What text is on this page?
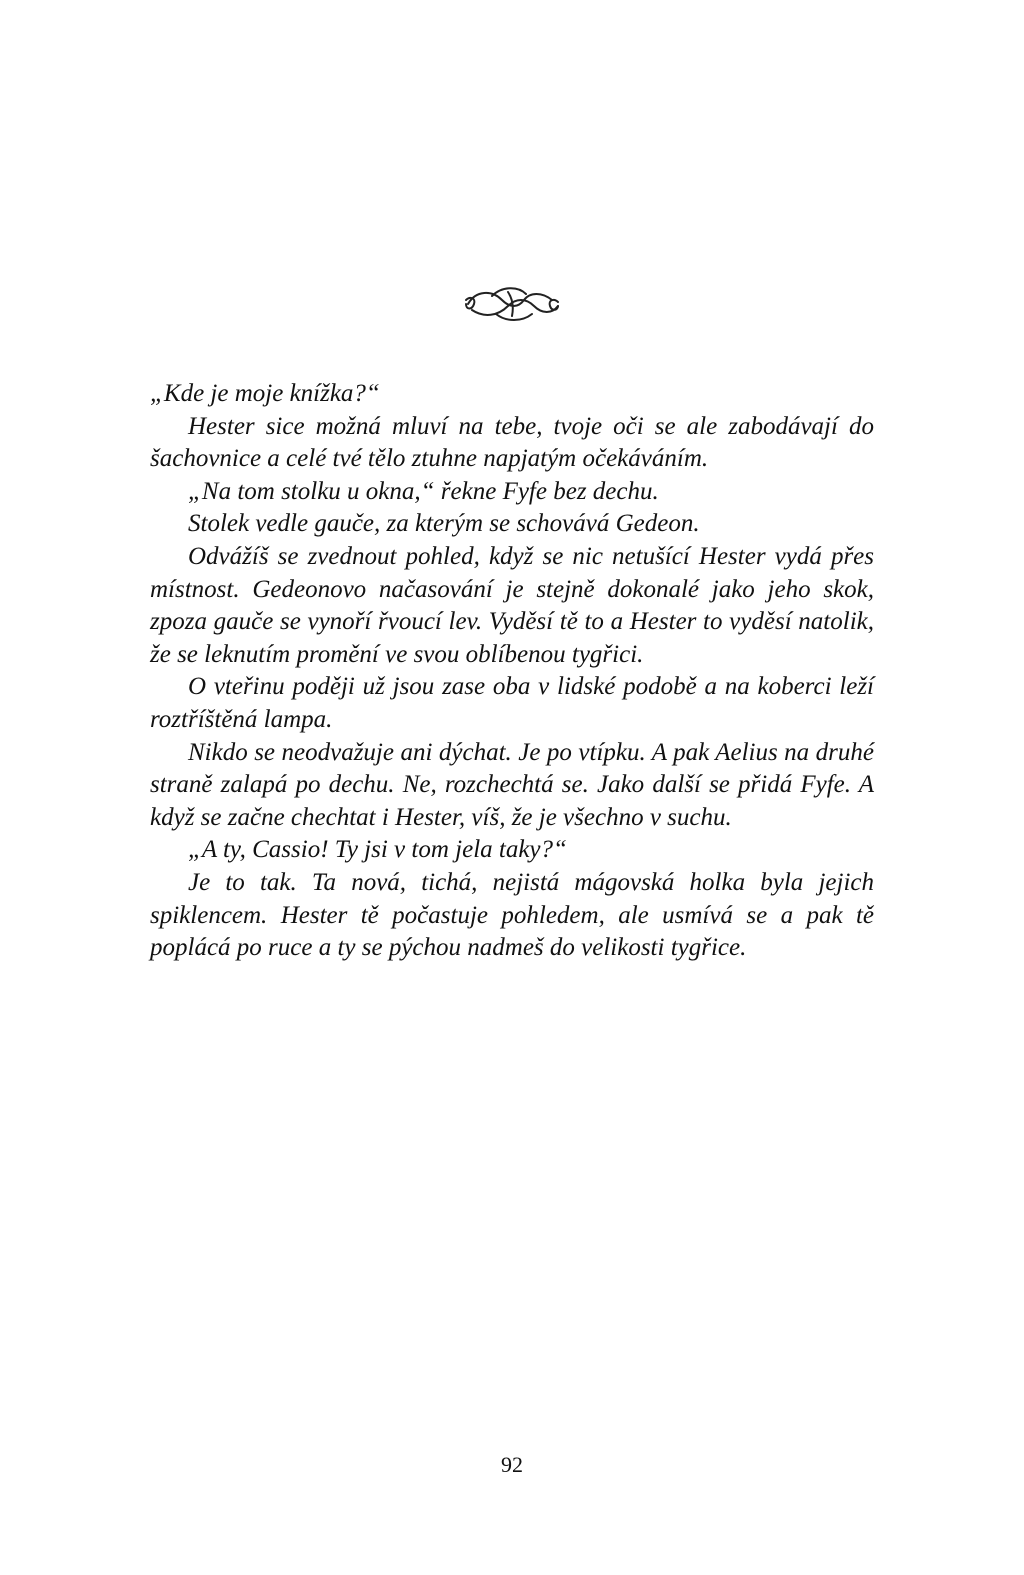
„Kde je moje knížka?“

Hester sice možná mluví na tebe, tvoje oči se ale zabodávají do šachovnice a celé tvé tělo ztuhne napjatým očekáváním.

„Na tom stolku u okna,“ řekne Fyfe bez dechu.

Stolek vedle gauče, za kterým se schovává Gedeon.

Odvážíš se zvednout pohled, když se nic netušící Hester vydá přes místnost. Gedeonovo načasování je stejně dokonalé jako jeho skok, zpoza gauče se vynoří řvoucí lev. Vyděsí tě to a Hester to vyděsí natolik, že se leknutím promění ve svou oblíbenou tygřici.

O vteřinu poději už jsou zase oba v lidské podobě a na koberci leží roztříštěná lampa.

Nikdo se neodvažuje ani dýchat. Je po vtípku. A pak Aelius na druhé straně zalapá po dechu. Ne, rozchechtá se. Jako další se přidá Fyfe. A když se začne chechtat i Hester, víš, že je všechno v suchu.

„A ty, Cassio! Ty jsi v tom jela taky?“

Je to tak. Ta nová, tichá, nejistá mágovská holka byla jejich spiklencem. Hester tě počastuje pohledem, ale usmívá se a pak tě poplácá po ruce a ty se pýchou nadmeš do velikosti tygřice.

92
